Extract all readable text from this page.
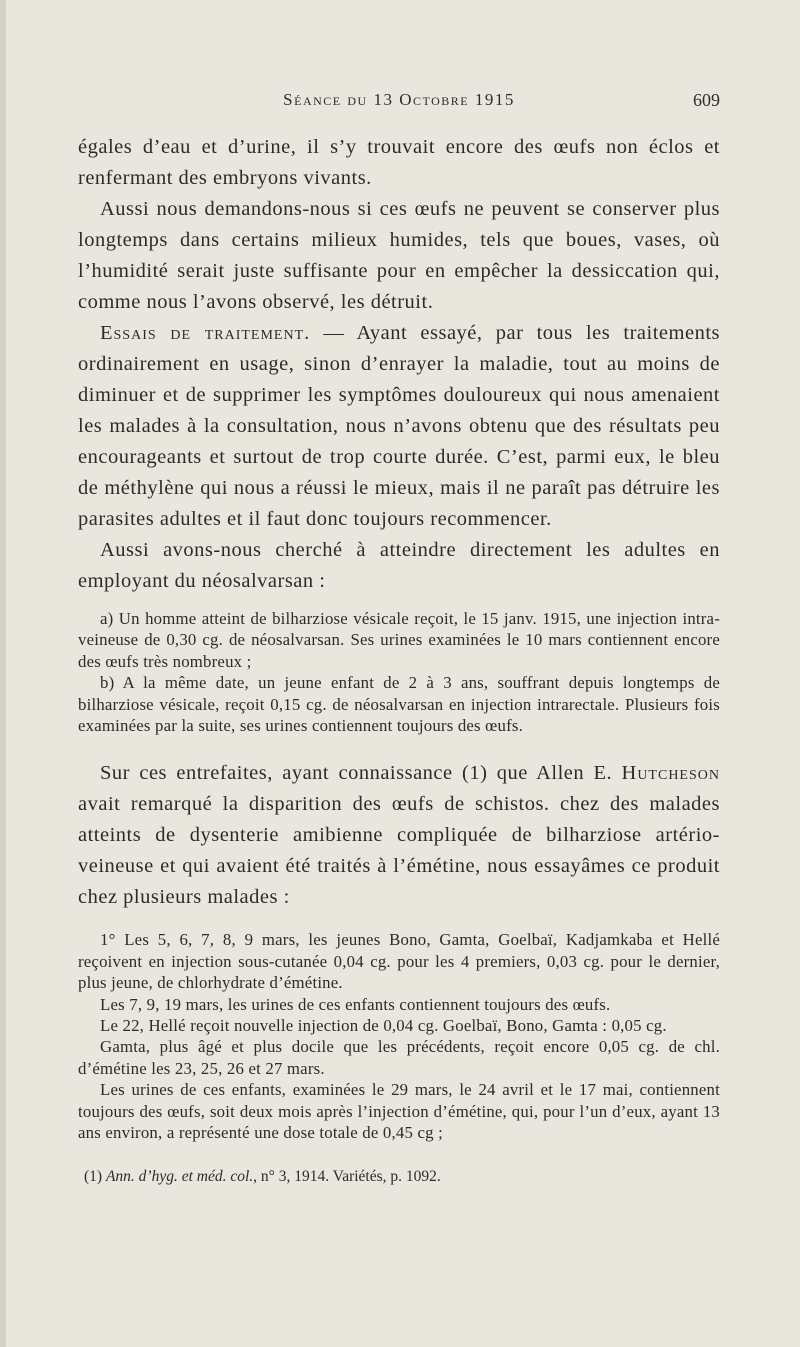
Séance du 13 Octobre 1915	609

égales d’eau et d’urine, il s’y trouvait encore des œufs non éclos et renfermant des embryons vivants.

Aussi nous demandons-nous si ces œufs ne peuvent se conserver plus longtemps dans certains milieux humides, tels que boues, vases, où l’humidité serait juste suffisante pour en empêcher la dessiccation qui, comme nous l’avons observé, les détruit.

Essais de traitement. — Ayant essayé, par tous les traitements ordinairement en usage, sinon d’enrayer la maladie, tout au moins de diminuer et de supprimer les symptômes douloureux qui nous amenaient les malades à la consultation, nous n’avons obtenu que des résultats peu encourageants et surtout de trop courte durée. C’est, parmi eux, le bleu de méthylène qui nous a réussi le mieux, mais il ne paraît pas détruire les parasites adultes et il faut donc toujours recommencer.

Aussi avons-nous cherché à atteindre directement les adultes en employant du néosalvarsan :

a) Un homme atteint de bilharziose vésicale reçoit, le 15 janv. 1915, une injection intra-veineuse de 0,30 cg. de néosalvarsan. Ses urines examinées le 10 mars contiennent encore des œufs très nombreux ;

b) A la même date, un jeune enfant de 2 à 3 ans, souffrant depuis longtemps de bilharziose vésicale, reçoit 0,15 cg. de néosalvarsan en injection intrarectale. Plusieurs fois examinées par la suite, ses urines contiennent toujours des œufs.

Sur ces entrefaites, ayant connaissance (1) que Allen E. Hutcheson avait remarqué la disparition des œufs de schistos. chez des malades atteints de dysenterie amibienne compliquée de bilharziose artério-veineuse et qui avaient été traités à l’émétine, nous essayâmes ce produit chez plusieurs malades :

1° Les 5, 6, 7, 8, 9 mars, les jeunes Bono, Gamta, Goelbaï, Kadjamkaba et Hellé reçoivent en injection sous-cutanée 0,04 cg. pour les 4 premiers, 0,03 cg. pour le dernier, plus jeune, de chlorhydrate d’émétine.

Les 7, 9, 19 mars, les urines de ces enfants contiennent toujours des œufs.

Le 22, Hellé reçoit nouvelle injection de 0,04 cg. Goelbaï, Bono, Gamta : 0,05 cg.

Gamta, plus âgé et plus docile que les précédents, reçoit encore 0,05 cg. de chl. d’émétine les 23, 25, 26 et 27 mars.

Les urines de ces enfants, examinées le 29 mars, le 24 avril et le 17 mai, contiennent toujours des œufs, soit deux mois après l’injection d’émétine, qui, pour l’un d’eux, ayant 13 ans environ, a représenté une dose totale de 0,45 cg ;

(1) Ann. d’hyg. et méd. col., n° 3, 1914. Variétés, p. 1092.
